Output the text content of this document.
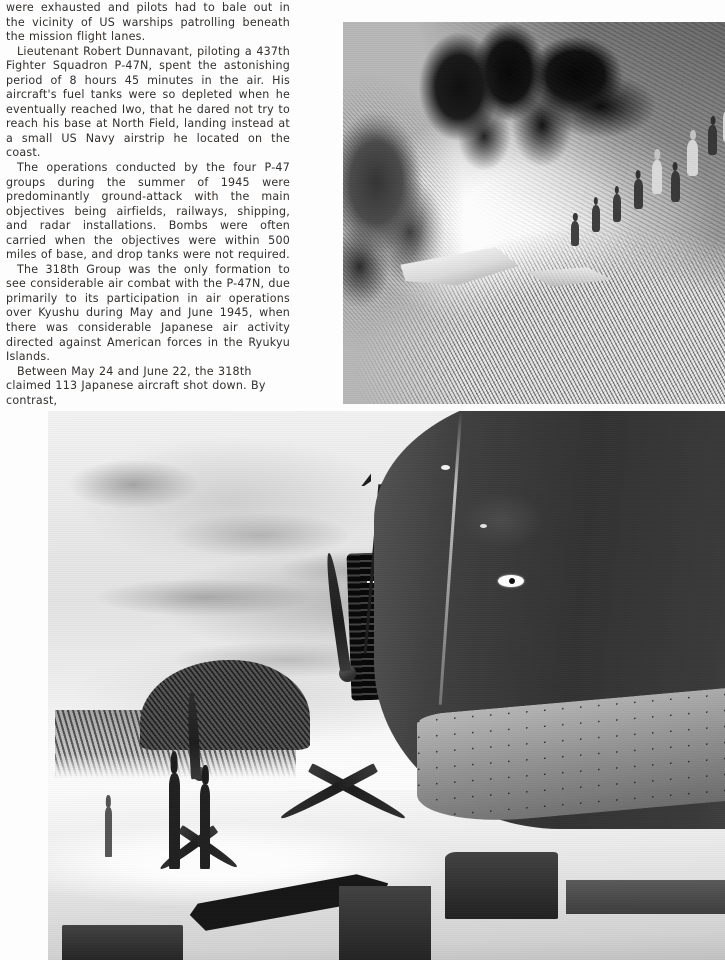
were exhausted and pilots had to bale out in the vicinity of US warships patrolling beneath the mission flight lanes.

Lieutenant Robert Dunnavant, piloting a 437th Fighter Squadron P-47N, spent the astonishing period of 8 hours 45 minutes in the air. His aircraft's fuel tanks were so depleted when he eventually reached Iwo, that he dared not try to reach his base at North Field, landing instead at a small US Navy airstrip he located on the coast.

The operations conducted by the four P-47 groups during the summer of 1945 were predominantly ground-attack with the main objectives being airfields, railways, shipping, and radar installations. Bombs were often carried when the objectives were within 500 miles of base, and drop tanks were not required.

The 318th Group was the only formation to see considerable air combat with the P-47N, due primarily to its participation in air operations over Kyushu during May and June 1945, when there was considerable Japanese air activity directed against American forces in the Ryukyu Islands.

Between May 24 and June 22, the 318th claimed 113 Japanese aircraft shot down. By contrast,
